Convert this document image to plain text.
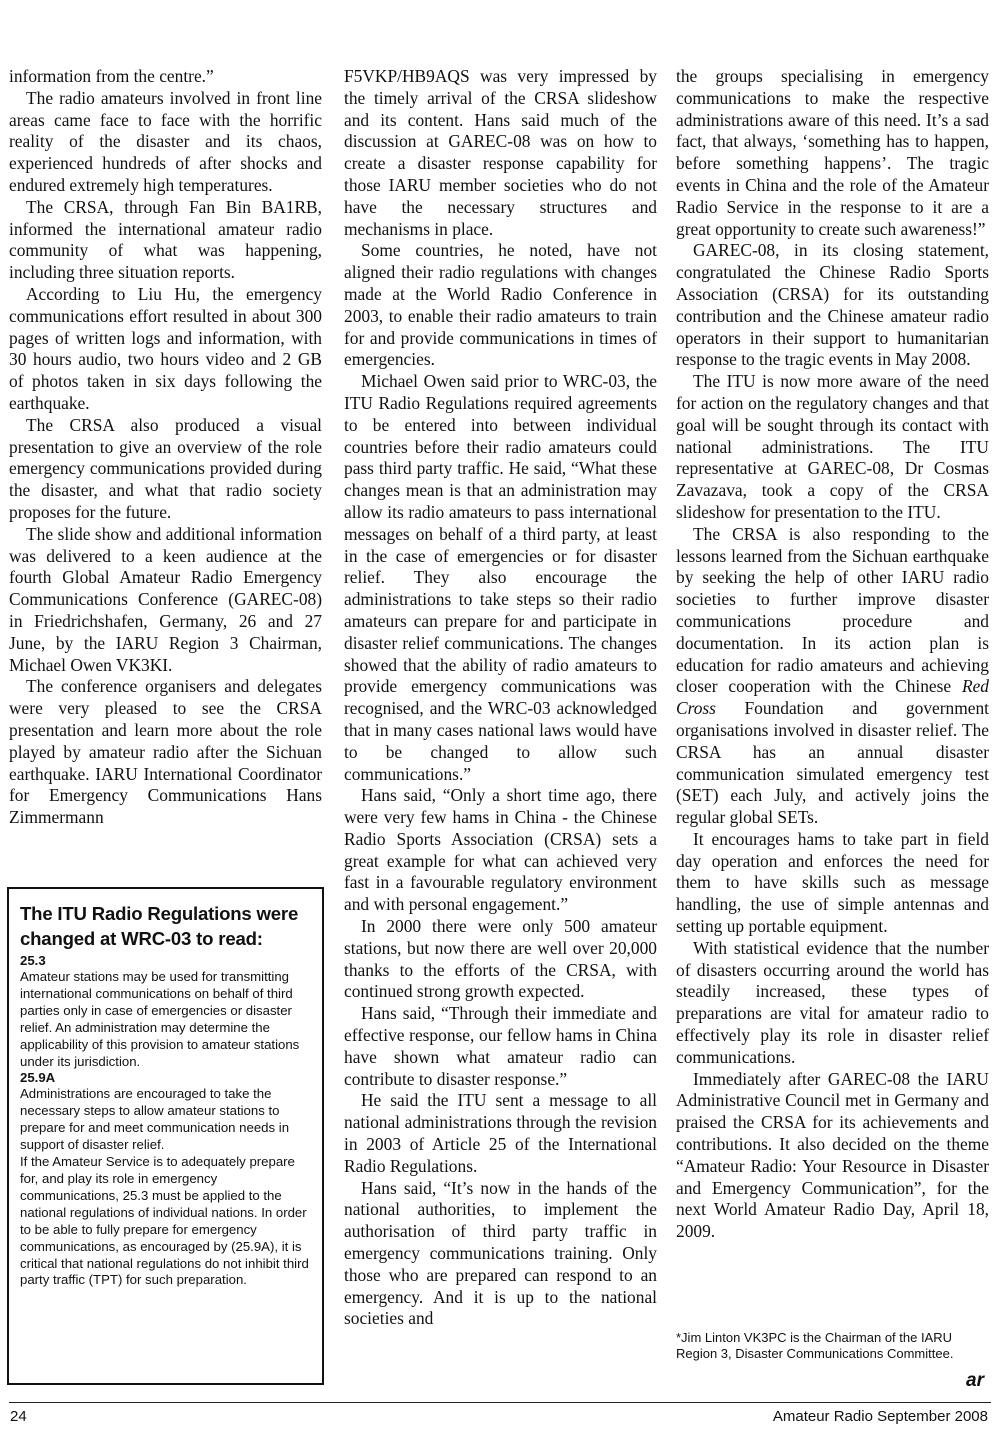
information from the centre.”

The radio amateurs involved in front line areas came face to face with the horrific reality of the disaster and its chaos, experienced hundreds of after shocks and endured extremely high temperatures.

The CRSA, through Fan Bin BA1RB, informed the international amateur radio community of what was happening, including three situation reports.

According to Liu Hu, the emergency communications effort resulted in about 300 pages of written logs and information, with 30 hours audio, two hours video and 2 GB of photos taken in six days following the earthquake.

The CRSA also produced a visual presentation to give an overview of the role emergency communications provided during the disaster, and what that radio society proposes for the future.

The slide show and additional information was delivered to a keen audience at the fourth Global Amateur Radio Emergency Communications Conference (GAREC-08) in Friedrichshafen, Germany, 26 and 27 June, by the IARU Region 3 Chairman, Michael Owen VK3KI.

The conference organisers and delegates were very pleased to see the CRSA presentation and learn more about the role played by amateur radio after the Sichuan earthquake. IARU International Coordinator for Emergency Communications Hans Zimmermann

The ITU Radio Regulations were changed at WRC-03 to read:

25.3

Amateur stations may be used for transmitting international communications on behalf of third parties only in case of emergencies or disaster relief. An administration may determine the applicability of this provision to amateur stations under its jurisdiction.

25.9A

Administrations are encouraged to take the necessary steps to allow amateur stations to prepare for and meet communication needs in support of disaster relief.

If the Amateur Service is to adequately prepare for, and play its role in emergency communications, 25.3 must be applied to the national regulations of individual nations. In order to be able to fully prepare for emergency communications, as encouraged by (25.9A), it is critical that national regulations do not inhibit third party traffic (TPT) for such preparation.

F5VKP/HB9AQS was very impressed by the timely arrival of the CRSA slideshow and its content. Hans said much of the discussion at GAREC-08 was on how to create a disaster response capability for those IARU member societies who do not have the necessary structures and mechanisms in place.

Some countries, he noted, have not aligned their radio regulations with changes made at the World Radio Conference in 2003, to enable their radio amateurs to train for and provide communications in times of emergencies.

Michael Owen said prior to WRC-03, the ITU Radio Regulations required agreements to be entered into between individual countries before their radio amateurs could pass third party traffic. He said, “What these changes mean is that an administration may allow its radio amateurs to pass international messages on behalf of a third party, at least in the case of emergencies or for disaster relief. They also encourage the administrations to take steps so their radio amateurs can prepare for and participate in disaster relief communications. The changes showed that the ability of radio amateurs to provide emergency communications was recognised, and the WRC-03 acknowledged that in many cases national laws would have to be changed to allow such communications.”

Hans said, “Only a short time ago, there were very few hams in China - the Chinese Radio Sports Association (CRSA) sets a great example for what can achieved very fast in a favourable regulatory environment and with personal engagement.”

In 2000 there were only 500 amateur stations, but now there are well over 20,000 thanks to the efforts of the CRSA, with continued strong growth expected.

Hans said, “Through their immediate and effective response, our fellow hams in China have shown what amateur radio can contribute to disaster response.”

He said the ITU sent a message to all national administrations through the revision in 2003 of Article 25 of the International Radio Regulations.

Hans said, “It’s now in the hands of the national authorities, to implement the authorisation of third party traffic in emergency communications training. Only those who are prepared can respond to an emergency. And it is up to the national societies and

the groups specialising in emergency communications to make the respective administrations aware of this need. It’s a sad fact, that always, ‘something has to happen, before something happens’. The tragic events in China and the role of the Amateur Radio Service in the response to it are a great opportunity to create such awareness!”

GAREC-08, in its closing statement, congratulated the Chinese Radio Sports Association (CRSA) for its outstanding contribution and the Chinese amateur radio operators in their support to humanitarian response to the tragic events in May 2008.

The ITU is now more aware of the need for action on the regulatory changes and that goal will be sought through its contact with national administrations. The ITU representative at GAREC-08, Dr Cosmas Zavazava, took a copy of the CRSA slideshow for presentation to the ITU.

The CRSA is also responding to the lessons learned from the Sichuan earthquake by seeking the help of other IARU radio societies to further improve disaster communications procedure and documentation. In its action plan is education for radio amateurs and achieving closer cooperation with the Chinese Red Cross Foundation and government organisations involved in disaster relief. The CRSA has an annual disaster communication simulated emergency test (SET) each July, and actively joins the regular global SETs.

It encourages hams to take part in field day operation and enforces the need for them to have skills such as message handling, the use of simple antennas and setting up portable equipment.

With statistical evidence that the number of disasters occurring around the world has steadily increased, these types of preparations are vital for amateur radio to effectively play its role in disaster relief communications.

Immediately after GAREC-08 the IARU Administrative Council met in Germany and praised the CRSA for its achievements and contributions. It also decided on the theme “Amateur Radio: Your Resource in Disaster and Emergency Communication”, for the next World Amateur Radio Day, April 18, 2009.

*Jim Linton VK3PC is the Chairman of the IARU Region 3, Disaster Communications Committee.
ar
24	Amateur Radio September 2008
